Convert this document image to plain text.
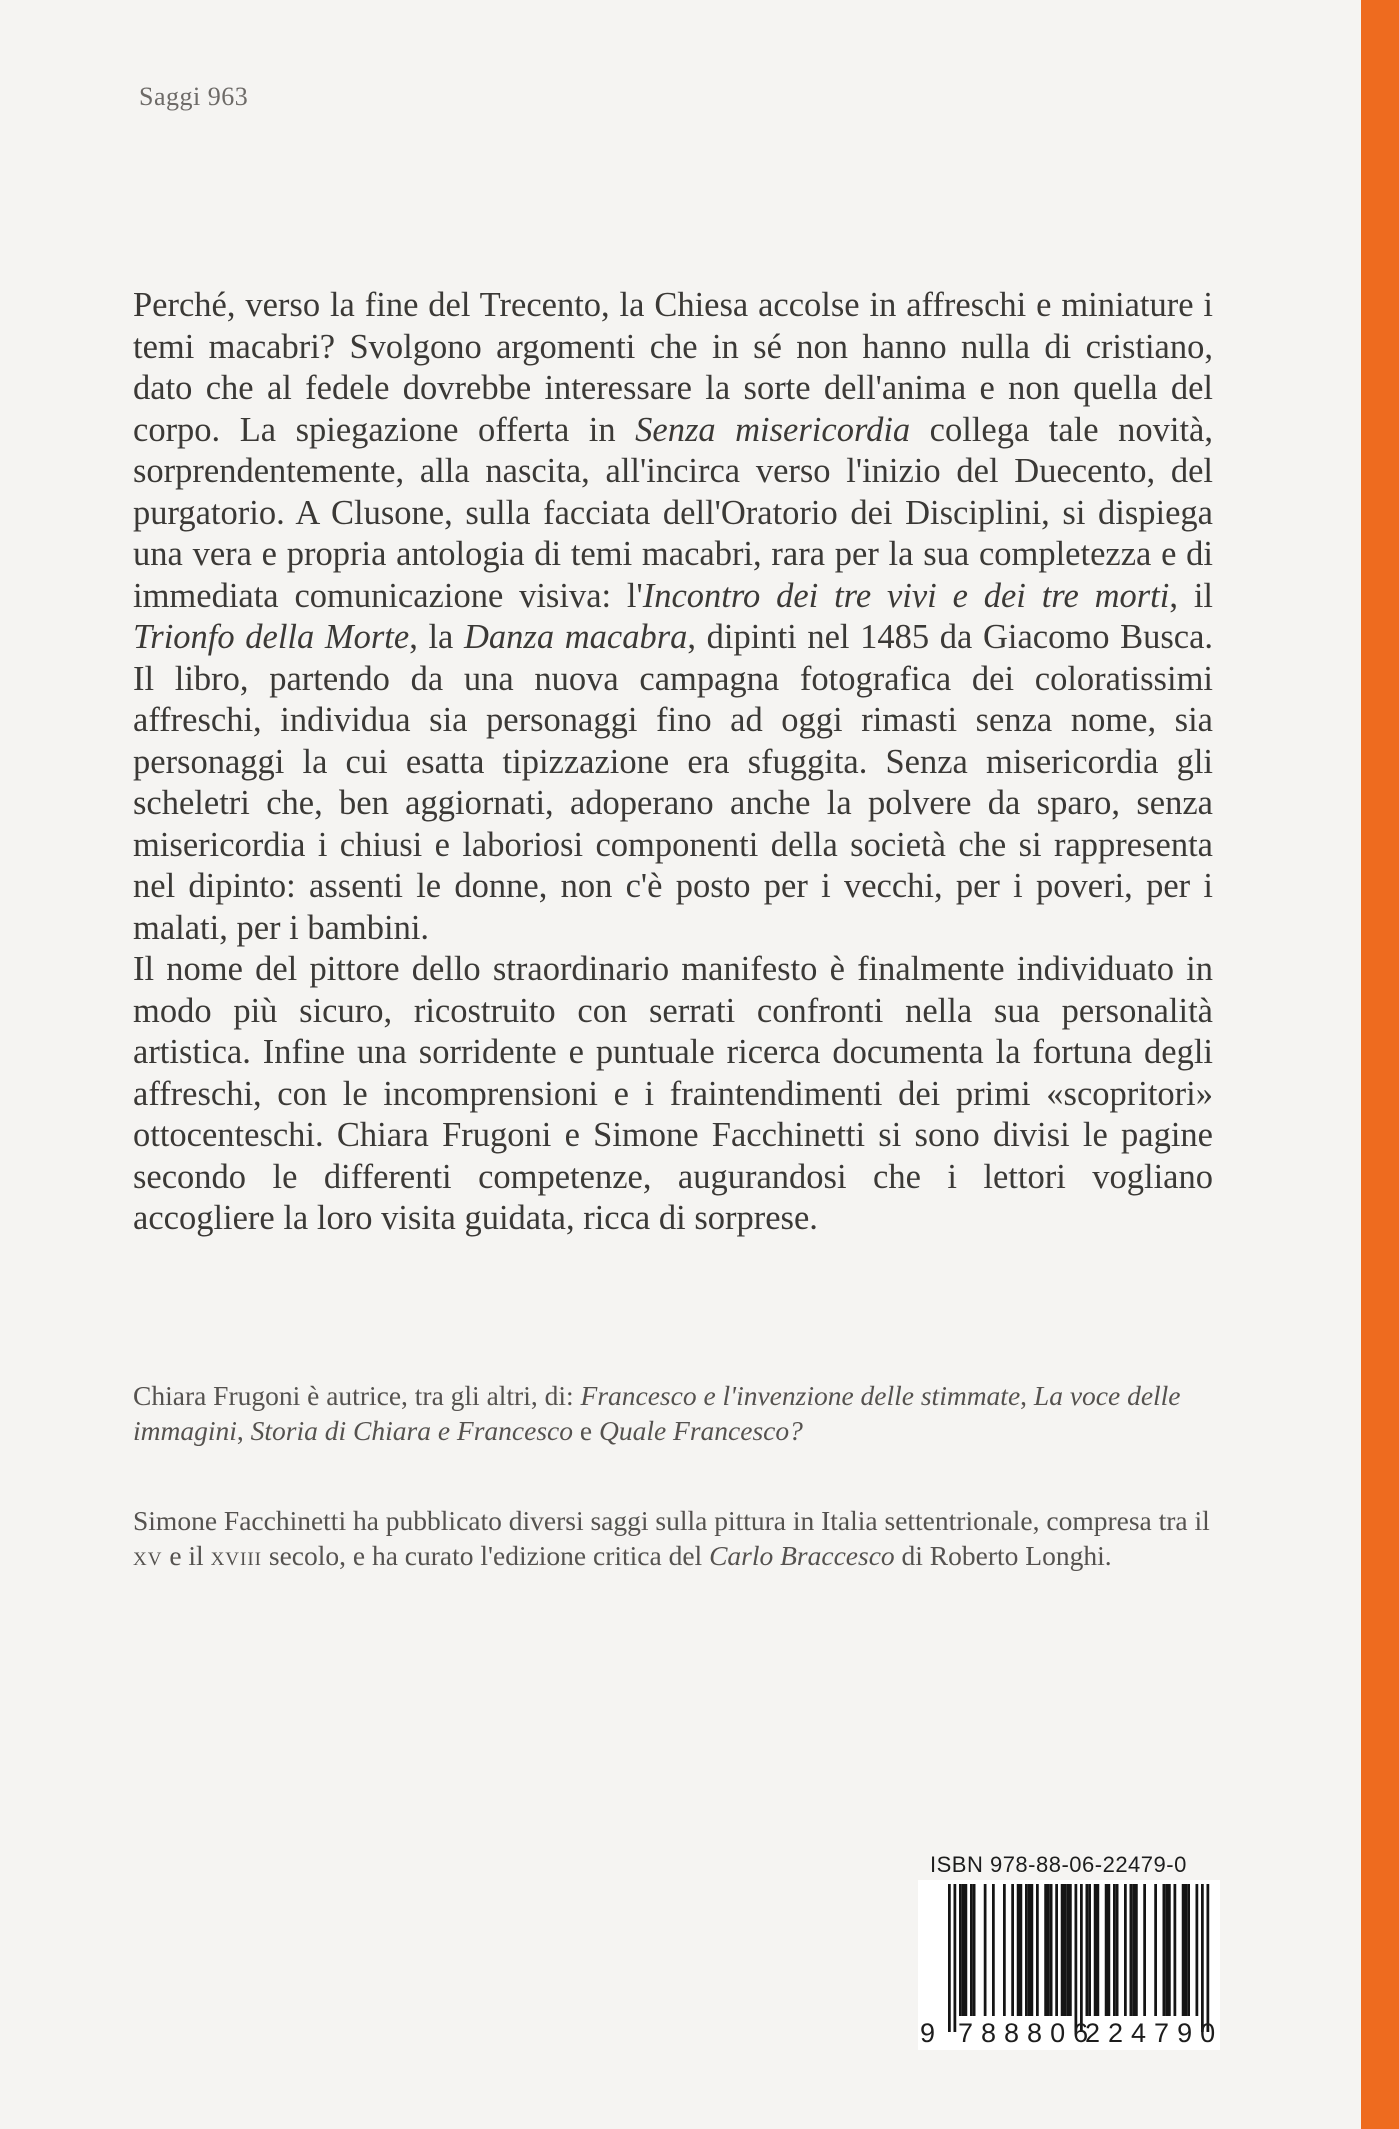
Saggi 963

Perché, verso la fine del Trecento, la Chiesa accolse in affreschi e miniature i temi macabri? Svolgono argomenti che in sé non hanno nulla di cristiano, dato che al fedele dovrebbe interessare la sorte dell'anima e non quella del corpo. La spiegazione offerta in Senza misericordia collega tale novità, sorprendentemente, alla nascita, all'incirca verso l'inizio del Duecento, del purgatorio. A Clusone, sulla facciata dell'Oratorio dei Disciplini, si dispiega una vera e propria antologia di temi macabri, rara per la sua completezza e di immediata comunicazione visiva: l'Incontro dei tre vivi e dei tre morti, il Trionfo della Morte, la Danza macabra, dipinti nel 1485 da Giacomo Busca. Il libro, partendo da una nuova campagna fotografica dei coloratissimi affreschi, individua sia personaggi fino ad oggi rimasti senza nome, sia personaggi la cui esatta tipizzazione era sfuggita. Senza misericordia gli scheletri che, ben aggiornati, adoperano anche la polvere da sparo, senza misericordia i chiusi e laboriosi componenti della società che si rappresenta nel dipinto: assenti le donne, non c'è posto per i vecchi, per i poveri, per i malati, per i bambini.

Il nome del pittore dello straordinario manifesto è finalmente individuato in modo più sicuro, ricostruito con serrati confronti nella sua personalità artistica. Infine una sorridente e puntuale ricerca documenta la fortuna degli affreschi, con le incomprensioni e i fraintendimenti dei primi «scopritori» ottocenteschi. Chiara Frugoni e Simone Facchinetti si sono divisi le pagine secondo le differenti competenze, augurandosi che i lettori vogliano accogliere la loro visita guidata, ricca di sorprese.

Chiara Frugoni è autrice, tra gli altri, di: Francesco e l'invenzione delle stimmate, La voce delle immagini, Storia di Chiara e Francesco e Quale Francesco?

Simone Facchinetti ha pubblicato diversi saggi sulla pittura in Italia settentrionale, compresa tra il xv e il xviii secolo, e ha curato l'edizione critica del Carlo Braccesco di Roberto Longhi.

ISBN 978-88-06-22479-0
9 788806
224790
